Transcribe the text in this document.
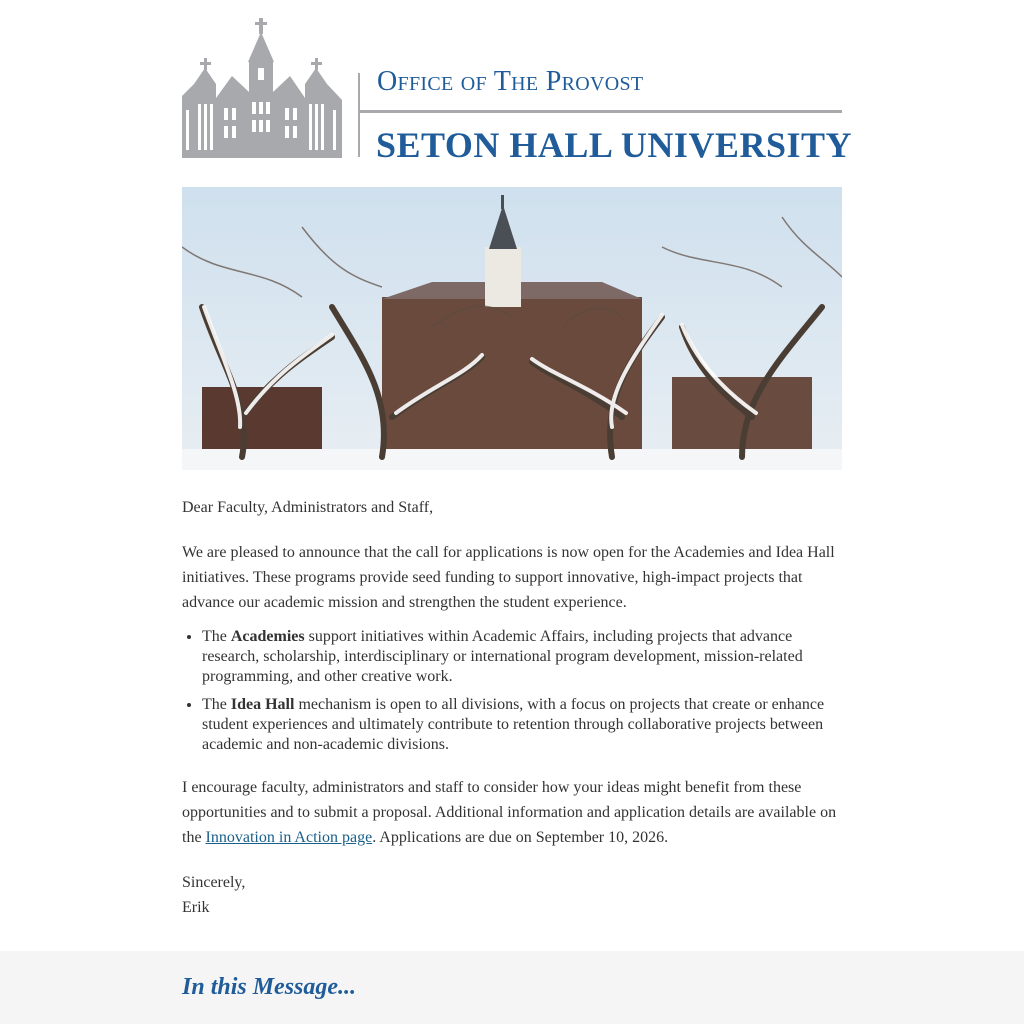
Office of The Provost
SETON HALL UNIVERSITY

Dear Faculty, Administrators and Staff,

We are pleased to announce that the call for applications is now open for the Academies and Idea Hall initiatives. These programs provide seed funding to support innovative, high-impact projects that advance our academic mission and strengthen the student experience.

• The Academies support initiatives within Academic Affairs, including projects that advance research, scholarship, interdisciplinary or international program development, mission-related programming, and other creative work.
• The Idea Hall mechanism is open to all divisions, with a focus on projects that create or enhance student experiences and ultimately contribute to retention through collaborative projects between academic and non-academic divisions.

I encourage faculty, administrators and staff to consider how your ideas might benefit from these opportunities and to submit a proposal. Additional information and application details are available on the Innovation in Action page. Applications are due on September 10, 2026.

Sincerely,

Erik

In this Message...
